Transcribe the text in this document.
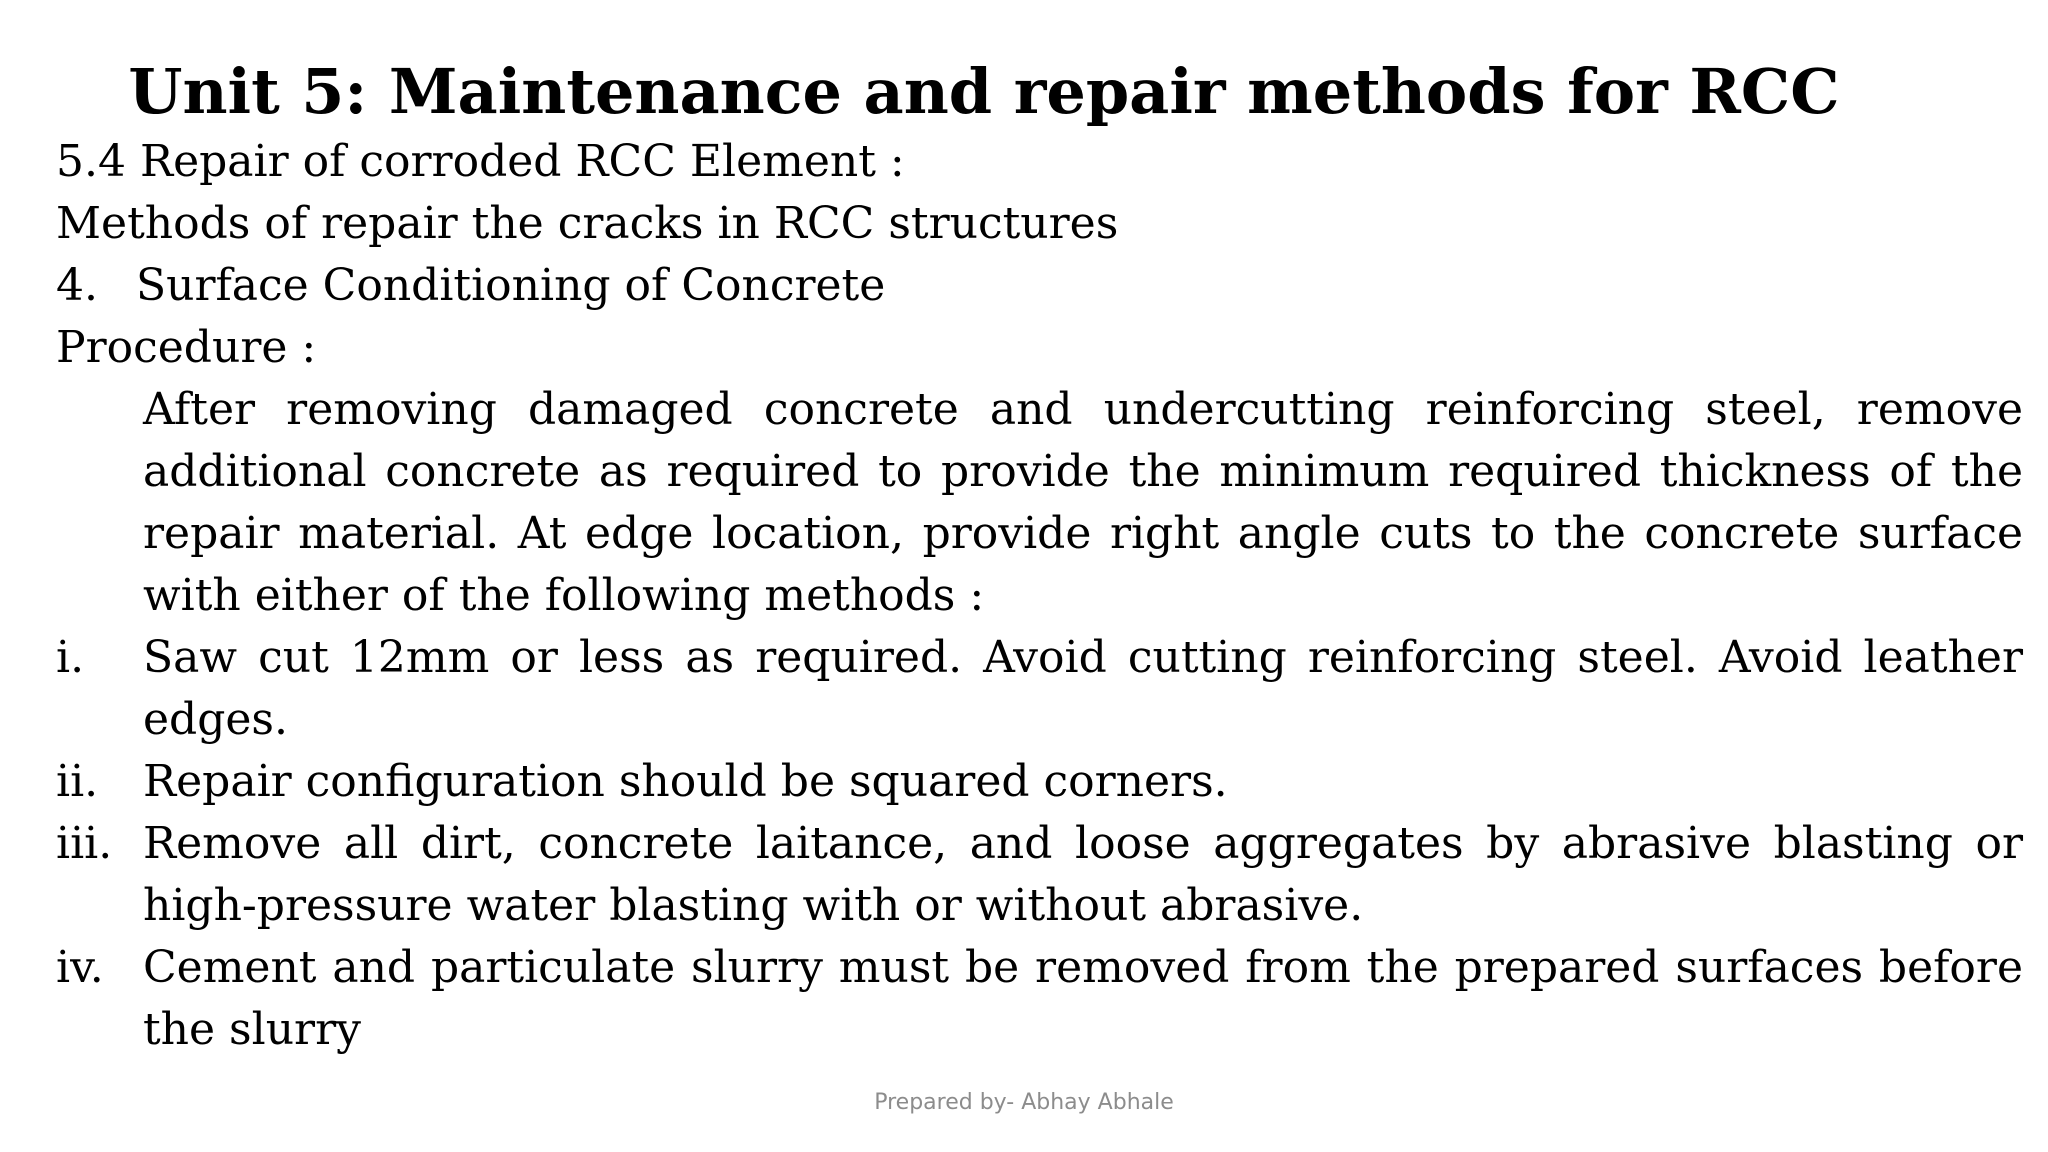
Unit 5: Maintenance and repair methods for RCC
5.4 Repair of corroded RCC Element :
Methods of repair the cracks in RCC structures
4. Surface Conditioning of Concrete
Procedure :
After removing damaged concrete and undercutting reinforcing steel, remove additional concrete as required to provide the minimum required thickness of the repair material. At edge location, provide right angle cuts to the concrete surface with either of the following methods :
i.	Saw cut 12mm or less as required. Avoid cutting reinforcing steel. Avoid leather edges.
ii.	Repair configuration should be squared corners.
iii. Remove all dirt, concrete laitance, and loose aggregates by abrasive blasting or high-pressure water blasting with or without abrasive.
iv. Cement and particulate slurry must be removed from the prepared surfaces before the slurry
Prepared by- Abhay Abhale
